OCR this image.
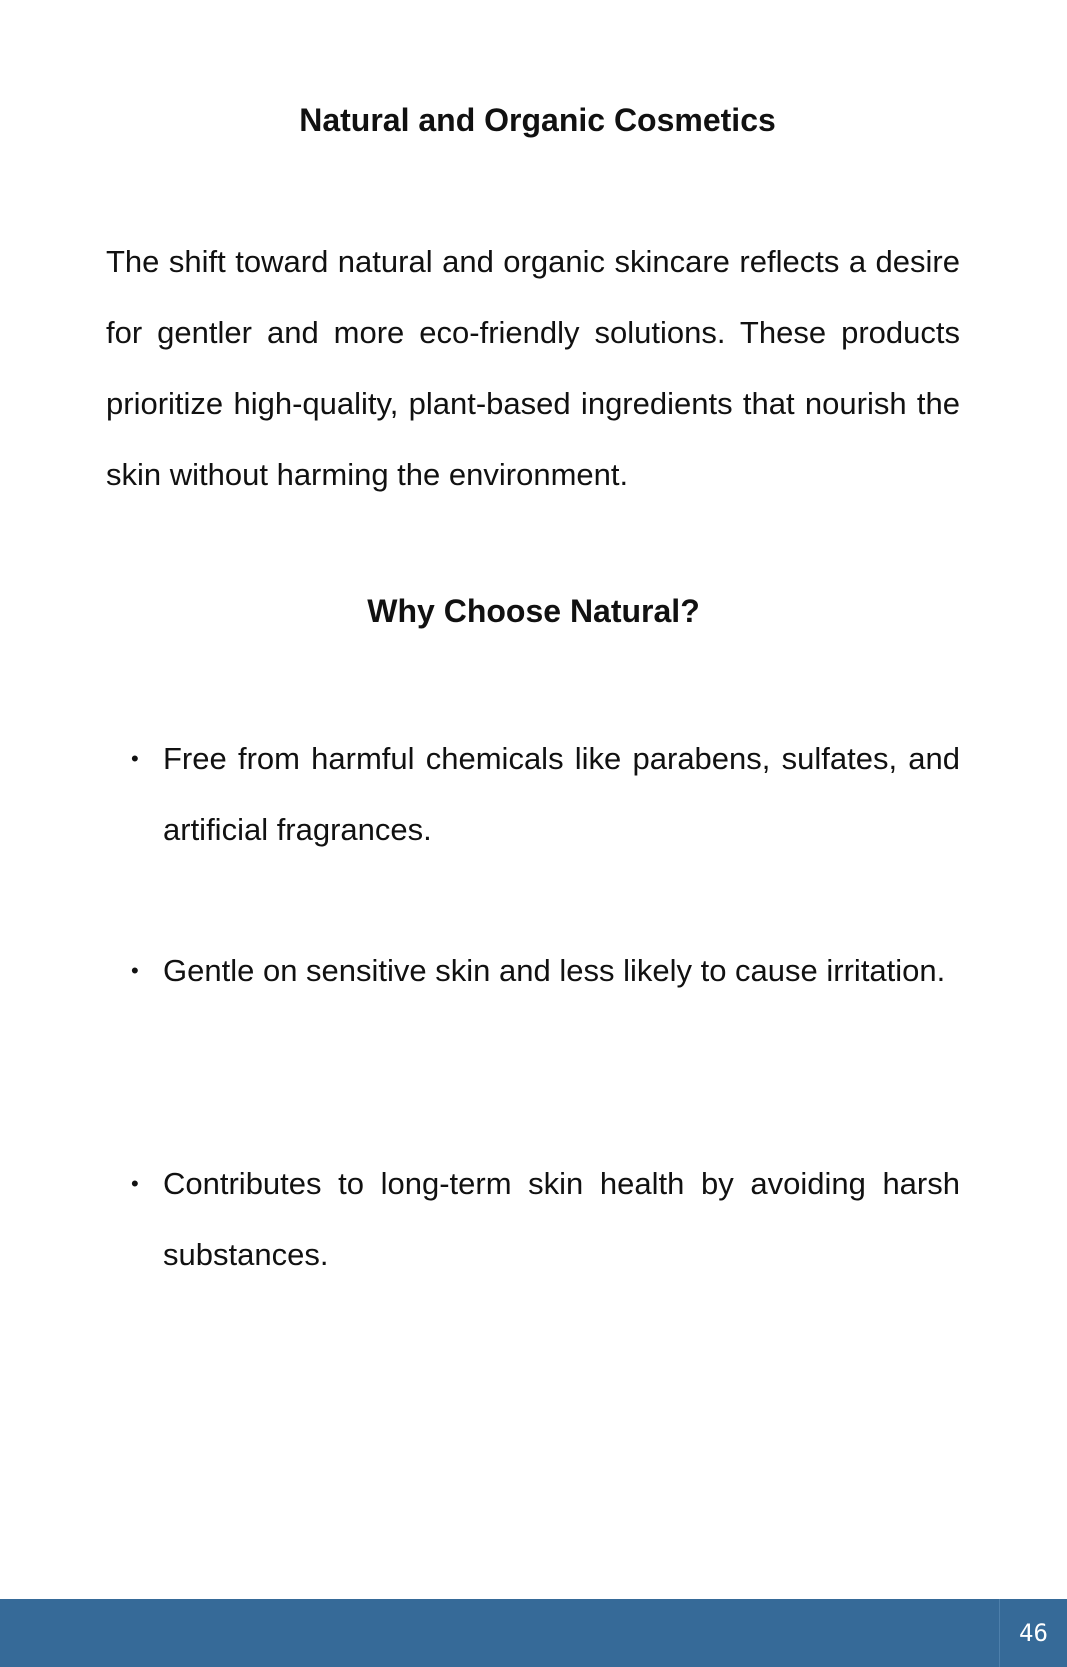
Natural and Organic Cosmetics

The shift toward natural and organic skincare reflects a desire for gentler and more eco-friendly solutions. These products prioritize high-quality, plant-based ingredients that nourish the skin without harming the environment.

Why Choose Natural?
• Free from harmful chemicals like parabens, sulfates, and artificial fragrances.

• Gentle on sensitive skin and less likely to cause irritation.

• Contributes to long-term skin health by avoiding harsh substances.

46
